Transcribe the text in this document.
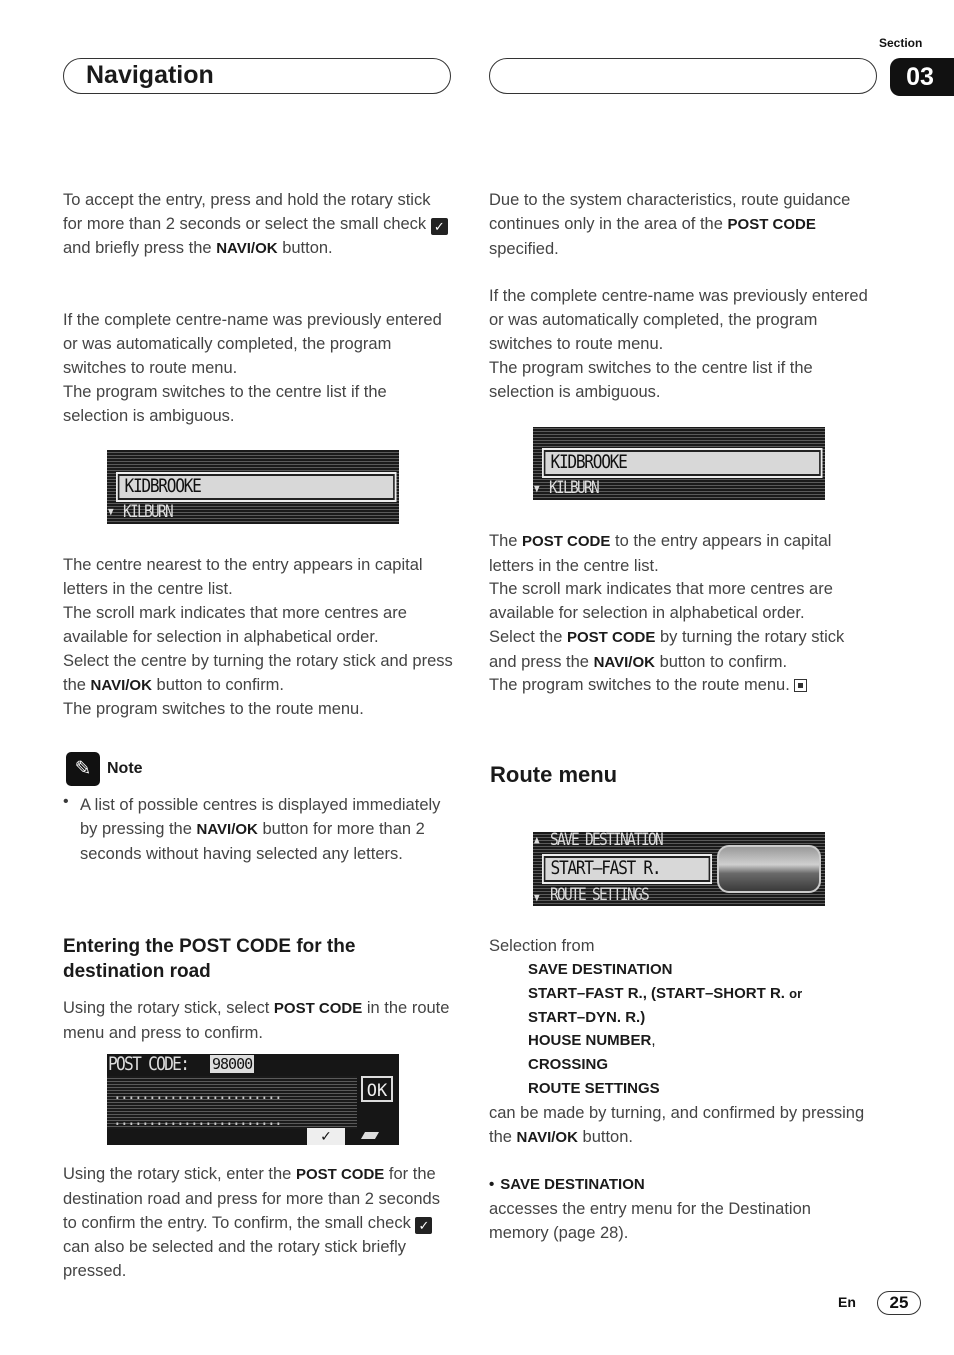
Navigation
Section
03

To accept the entry, press and hold the rotary stick for more than 2 seconds or select the small check ✓ and briefly press the NAVI/OK button.

If the complete centre-name was previously entered or was automatically completed, the program switches to route menu.

The program switches to the centre list if the selection is ambiguous.

KIDBROOKE
▼ KILBURN

The centre nearest to the entry appears in capital letters in the centre list.

The scroll mark indicates that more centres are available for selection in alphabetical order.

Select the centre by turning the rotary stick and press the NAVI/OK button to confirm.

The program switches to the route menu.

✎ Note
• A list of possible centres is displayed immediately by pressing the NAVI/OK button for more than 2 seconds without having selected any letters.

Entering the POST CODE for the destination road

Using the rotary stick, select POST CODE in the route menu and press to confirm.

POST CODE: 98000
........................
........................
OK
✓

Using the rotary stick, enter the POST CODE for the destination road and press for more than 2 seconds to confirm the entry. To confirm, the small check ✓ can also be selected and the rotary stick briefly pressed.

Due to the system characteristics, route guidance continues only in the area of the POST CODE specified.

If the complete centre-name was previously entered or was automatically completed, the program switches to route menu.

The program switches to the centre list if the selection is ambiguous.

KIDBROOKE
▼ KILBURN

The POST CODE to the entry appears in capital letters in the centre list.

The scroll mark indicates that more centres are available for selection in alphabetical order.

Select the POST CODE by turning the rotary stick and press the NAVI/OK button to confirm.

The program switches to the route menu.

Route menu
▲ SAVE DESTINATION
START–FAST R.
▼ ROUTE SETTINGS

Selection from

SAVE DESTINATION
START–FAST R., (START–SHORT R. or
START–DYN. R.)
HOUSE NUMBER,
CROSSING
ROUTE SETTINGS

can be made by turning, and confirmed by pressing the NAVI/OK button.

• SAVE DESTINATION

accesses the entry menu for the Destination memory (page 28).

En	25
